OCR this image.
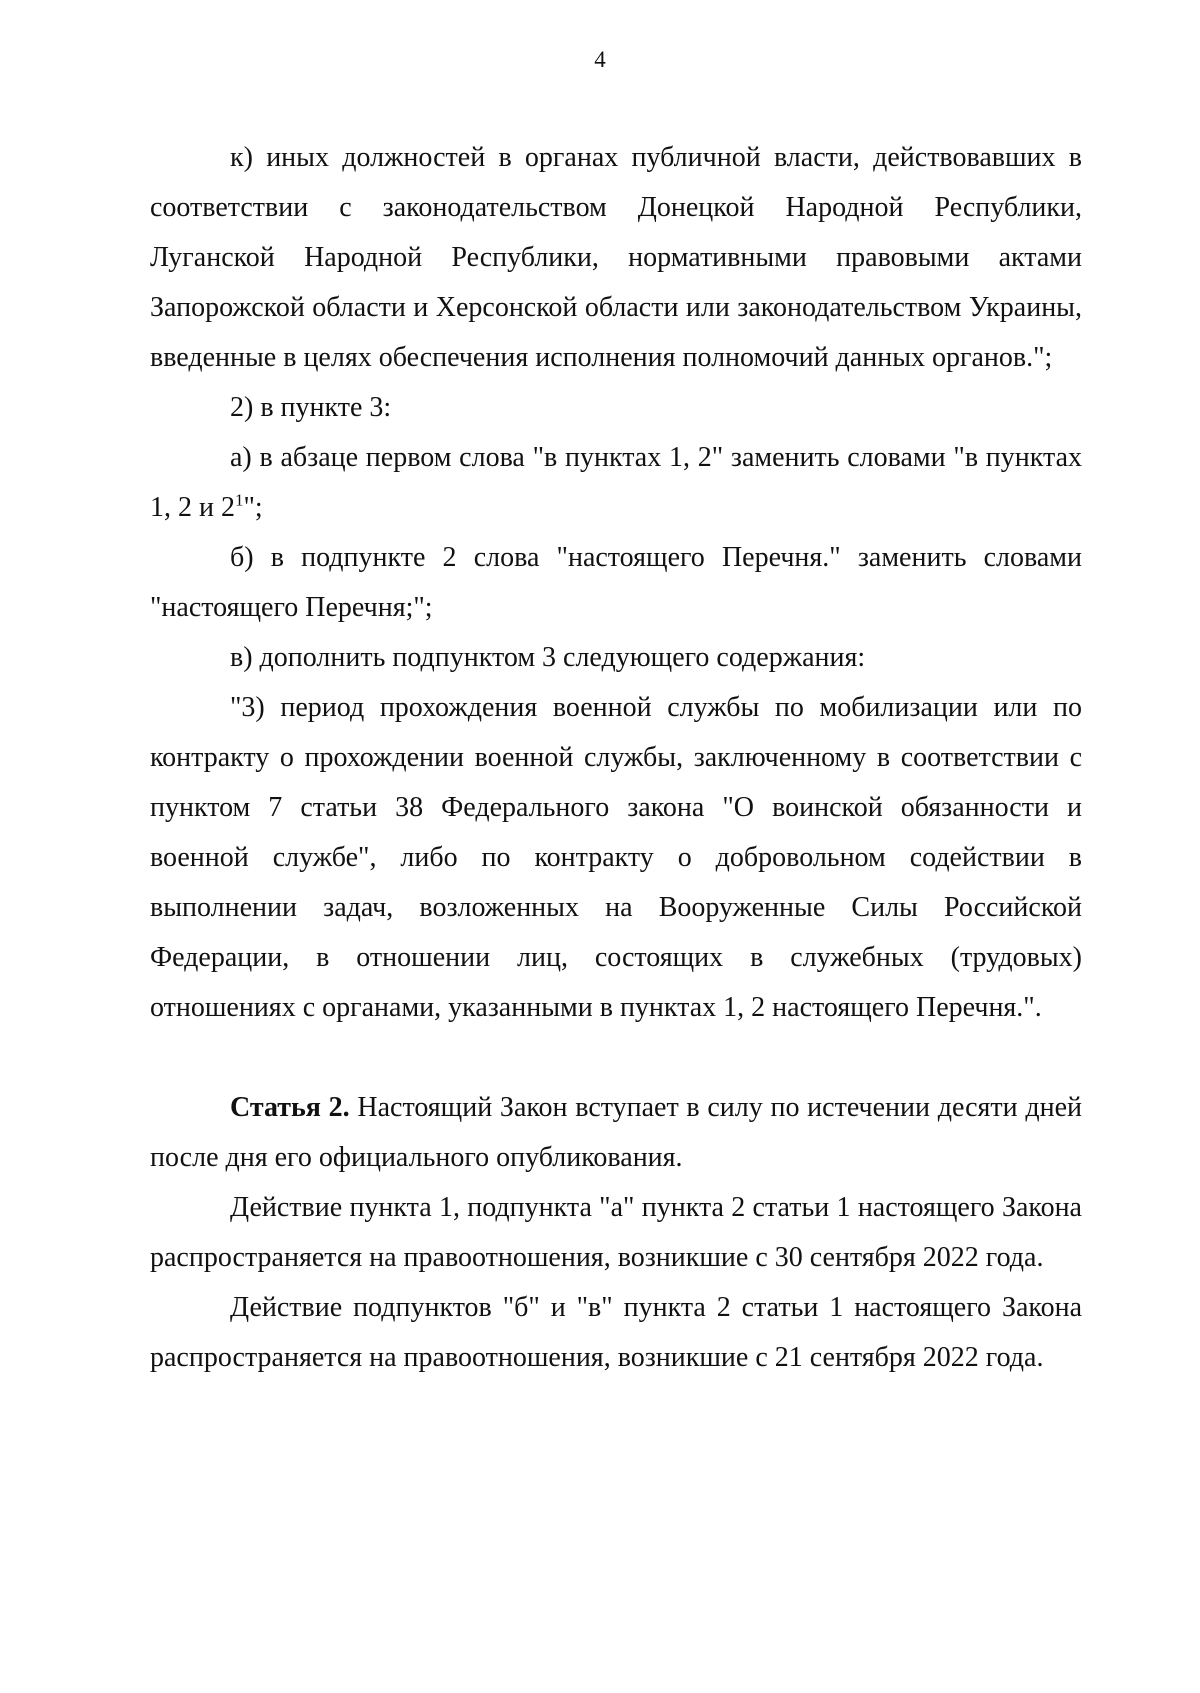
4

к) иных должностей в органах публичной власти, действовавших в соответствии с законодательством Донецкой Народной Республики, Луганской Народной Республики, нормативными правовыми актами Запорожской области и Херсонской области или законодательством Украины, введенные в целях обеспечения исполнения полномочий данных органов.";

2) в пункте 3:

а) в абзаце первом слова "в пунктах 1, 2" заменить словами "в пунктах 1, 2 и $2^1$";

б) в подпункте 2 слова "настоящего Перечня." заменить словами "настоящего Перечня;";

в) дополнить подпунктом 3 следующего содержания:

"3) период прохождения военной службы по мобилизации или по контракту о прохождении военной службы, заключенному в соответствии с пунктом 7 статьи 38 Федерального закона "О воинской обязанности и военной службе", либо по контракту о добровольном содействии в выполнении задач, возложенных на Вооруженные Силы Российской Федерации, в отношении лиц, состоящих в служебных (трудовых) отношениях с органами, указанными в пунктах 1, 2 настоящего Перечня.".

Статья 2. Настоящий Закон вступает в силу по истечении десяти дней после дня его официального опубликования.

Действие пункта 1, подпункта "а" пункта 2 статьи 1 настоящего Закона распространяется на правоотношения, возникшие с 30 сентября 2022 года.

Действие подпунктов "б" и "в" пункта 2 статьи 1 настоящего Закона распространяется на правоотношения, возникшие с 21 сентября 2022 года.
